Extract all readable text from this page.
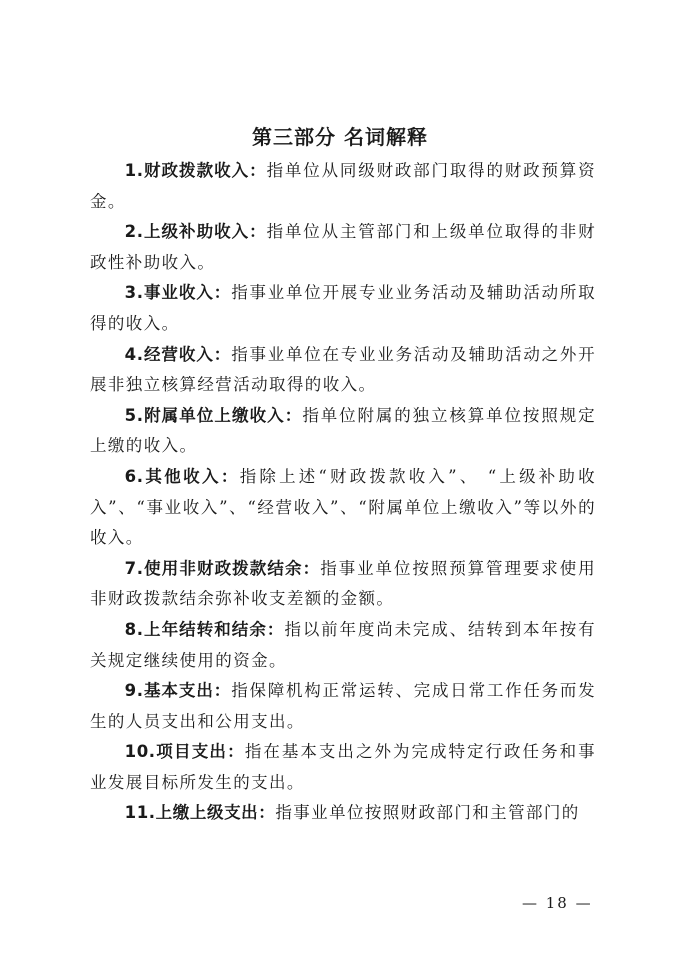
第三部分 名词解释

1.财政拨款收入：指单位从同级财政部门取得的财政预算资金。

2.上级补助收入：指单位从主管部门和上级单位取得的非财政性补助收入。

3.事业收入：指事业单位开展专业业务活动及辅助活动所取得的收入。

4.经营收入：指事业单位在专业业务活动及辅助活动之外开展非独立核算经营活动取得的收入。

5.附属单位上缴收入：指单位附属的独立核算单位按照规定上缴的收入。

6.其他收入：指除上述“财政拨款收入”、 “上级补助收入”、“事业收入”、“经营收入”、“附属单位上缴收入”等以外的收入。

7.使用非财政拨款结余：指事业单位按照预算管理要求使用非财政拨款结余弥补收支差额的金额。

8.上年结转和结余：指以前年度尚未完成、结转到本年按有关规定继续使用的资金。

9.基本支出：指保障机构正常运转、完成日常工作任务而发生的人员支出和公用支出。

10.项目支出：指在基本支出之外为完成特定行政任务和事业发展目标所发生的支出。

11.上缴上级支出：指事业单位按照财政部门和主管部门的

— 18 —
